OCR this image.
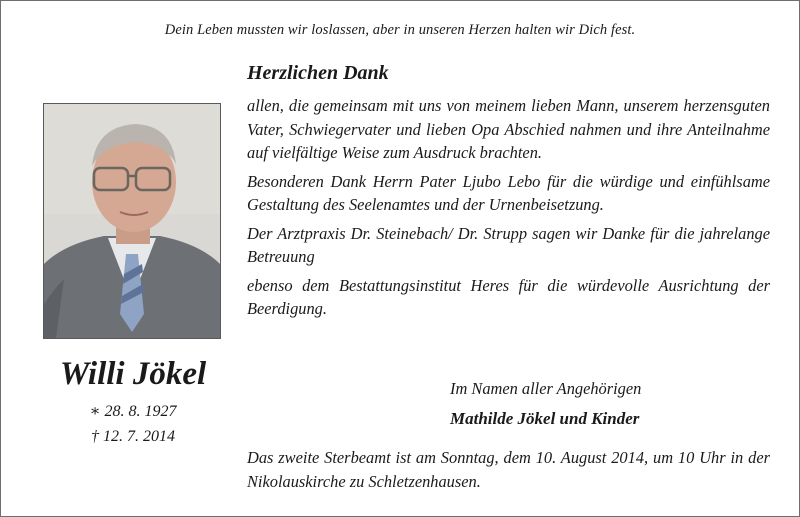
Dein Leben mussten wir loslassen, aber in unseren Herzen halten wir Dich fest.
Willi Jökel
∗ 28. 8. 1927
† 12. 7. 2014
Herzlichen Dank

allen, die gemeinsam mit uns von meinem lieben Mann, unserem herzensguten Vater, Schwiegervater und lieben Opa Abschied nahmen und ihre Anteilnahme auf vielfältige Weise zum Ausdruck brachten.

Besonderen Dank Herrn Pater Ljubo Lebo für die würdige und einfühlsame Gestaltung des Seelenamtes und der Urnenbeisetzung.

Der Arztpraxis Dr. Steinebach/ Dr. Strupp sagen wir Danke für die jahrelange Betreuung

ebenso dem Bestattungsinstitut Heres für die würdevolle Ausrichtung der Beerdigung.

Im Namen aller Angehörigen
Mathilde Jökel und Kinder
Das zweite Sterbeamt ist am Sonntag, dem 10. August 2014, um 10 Uhr in der Nikolauskirche zu Schletzenhausen.
